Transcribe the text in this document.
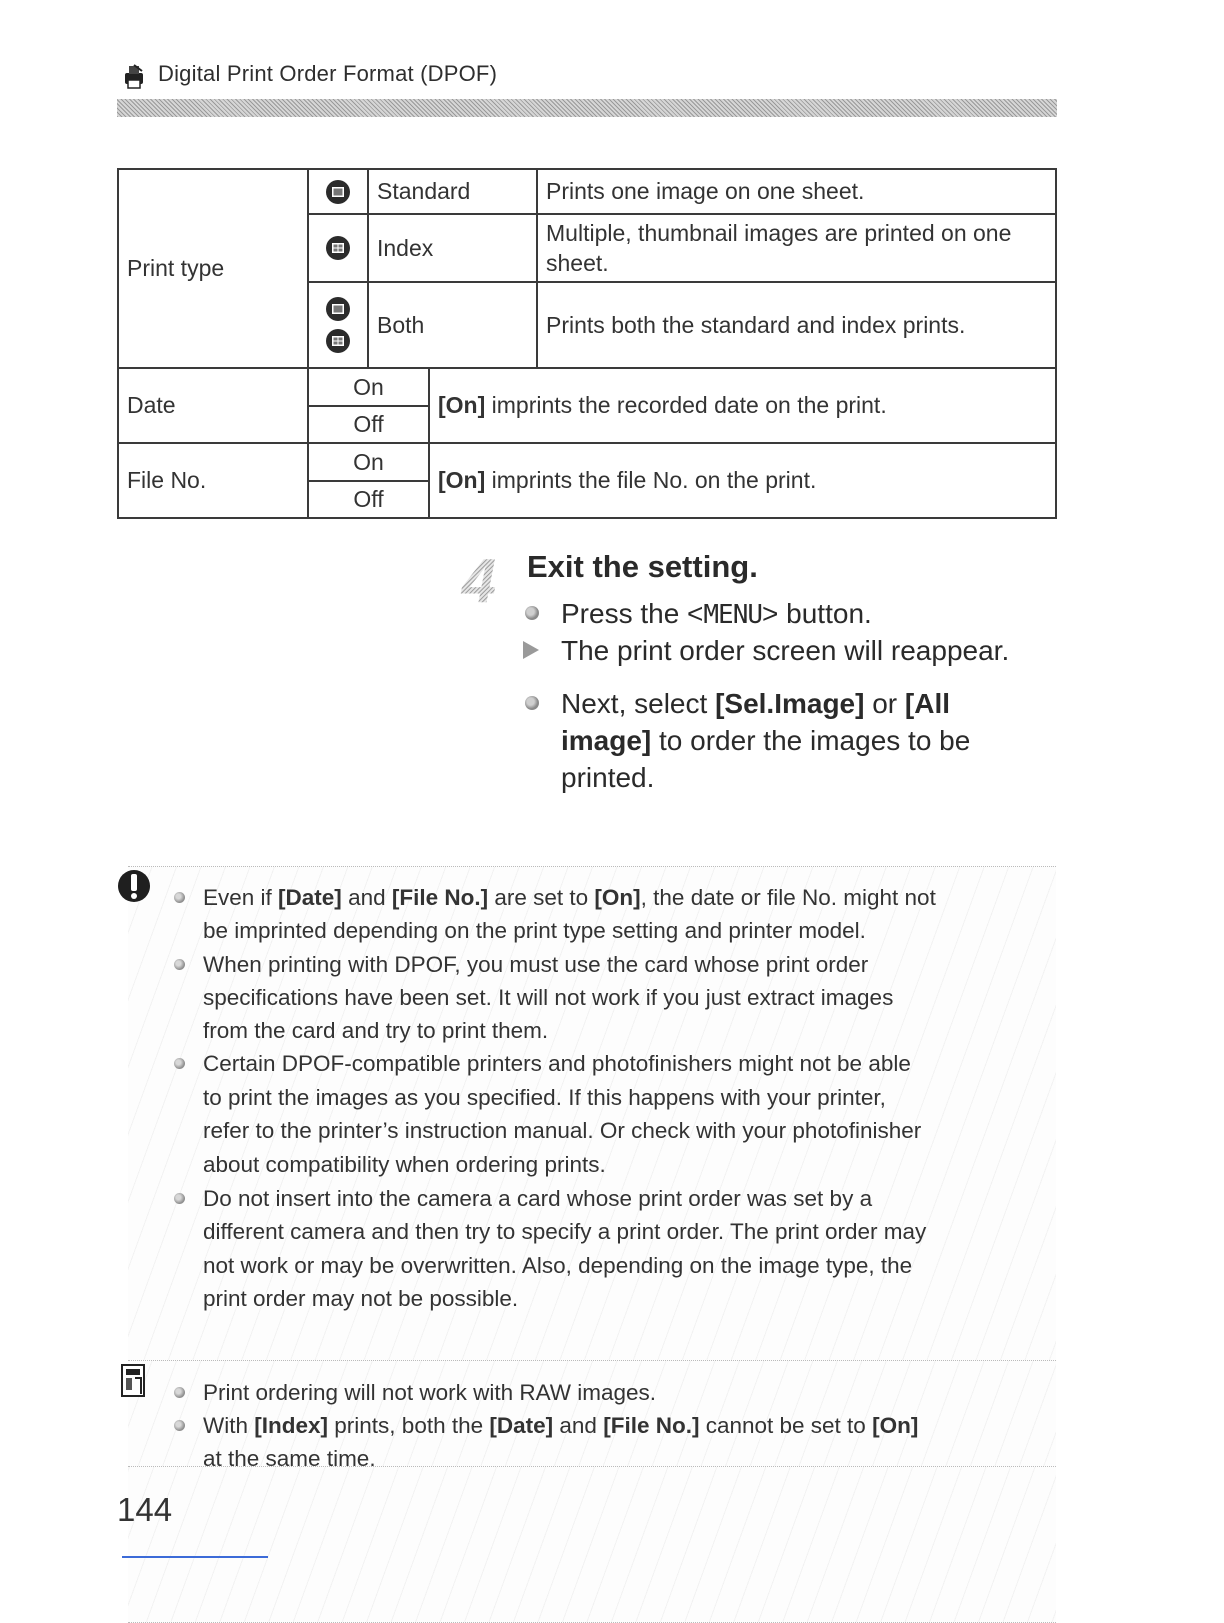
Digital Print Order Format (DPOF)
Print type		Standard		Prints one image on one sheet.

	Index		Multiple, thumbnail images are printed on one sheet.

	Both		Prints both the standard and index prints.
Date	On		[On] imprints the recorded date on the print.	
	Off			
File No.	On		[On] imprints the file No. on the print.	
	Off			
4 Exit the setting.
Press the <MENU> button.
The print order screen will reappear.
Next, select [Sel.Image] or [All
image] to order the images to be
printed.
Even if [Date] and [File No.] are set to [On], the date or file No. might not
be imprinted depending on the print type setting and printer model.
When printing with DPOF, you must use the card whose print order
specifications have been set. It will not work if you just extract images
from the card and try to print them.
Certain DPOF-compatible printers and photofinishers might not be able
to print the images as you specified. If this happens with your printer,
refer to the printer’s instruction manual. Or check with your photofinisher
about compatibility when ordering prints.
Do not insert into the camera a card whose print order was set by a
different camera and then try to specify a print order. The print order may
not work or may be overwritten. Also, depending on the image type, the
print order may not be possible.
Print ordering will not work with RAW images.
With [Index] prints, both the [Date] and [File No.] cannot be set to [On]
at the same time.
144
